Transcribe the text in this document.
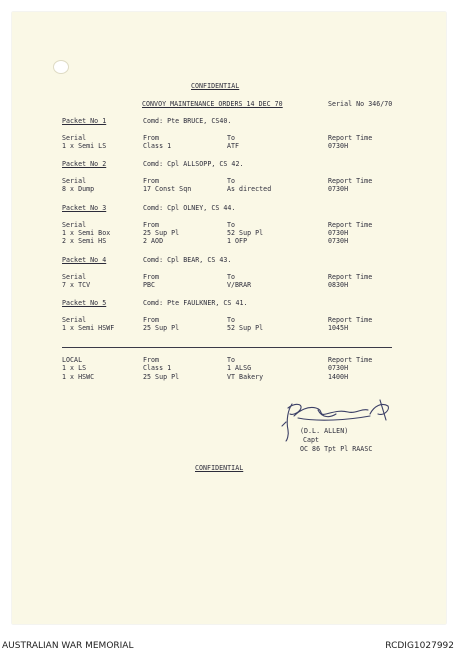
CONFIDENTIAL
CONVOY MAINTENANCE ORDERS 14 DEC 70	Serial No 346/70
Packet No 1	Comd: Pte BRUCE, CS40.
Serial	From	To	Report Time
1 x Semi LS	Class 1	ATF	0730H
Packet No 2	Comd: Cpl ALLSOPP, CS 42.
Serial	From	To	Report Time
8 x Dump	17 Const Sqn	As directed	0730H
Packet No 3	Comd: Cpl OLNEY, CS 44.
Serial	From	To	Report Time
1 x Semi Box	25 Sup Pl	52 Sup Pl	0730H
2 x Semi HS	2 AOD	1 OFP	0730H
Packet No 4	Comd: Cpl BEAR, CS 43.
Serial	From	To	Report Time
7 x TCV	PBC	V/BRAR	0830H
Packet No 5	Comd: Pte FAULKNER, CS 41.
Serial	From	To	Report Time
1 x Semi HSWF	25 Sup Pl	52 Sup Pl	1045H
LOCAL	From	To	Report Time
1 x LS	Class 1	1 ALSG	0730H
1 x HSWC	25 Sup Pl	VT Bakery	1400H
(D.L. ALLEN)
Capt
OC 86 Tpt Pl RAASC
CONFIDENTIAL
AUSTRALIAN WAR MEMORIAL	RCDIG1027992
